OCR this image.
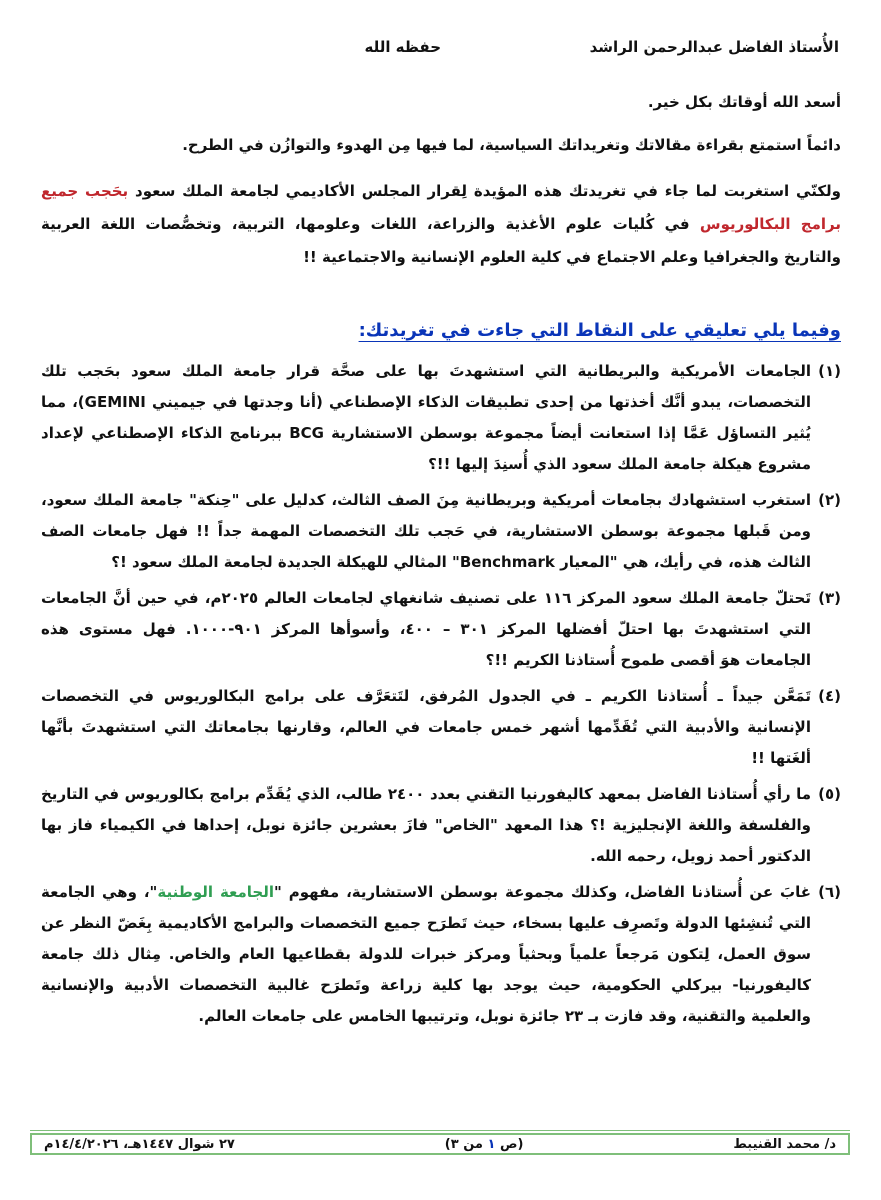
الأُستاذ الفاضل عبدالرحمن الراشد
حفظه الله
أسعد الله أوقاتك بكل خير.
دائماً استمتع بقراءة مقالاتك وتغريداتك السياسية، لما فيها مِن الهدوء والتوازُن في الطرح.
ولكنّي استغربت لما جاء في تغريدتك هذه المؤيدة لِقرار المجلس الأكاديمي لجامعة الملك سعود بحَجب جميع برامج البكالوريوس في كُليات علوم الأغذية والزراعة، اللغات وعلومها، التربية، وتخصُّصات اللغة العربية والتاريخ والجغرافيا وعلم الاجتماع في كلية العلوم الإنسانية والاجتماعية !!
وفيما يلي تعليقي على النقاط التي جاءت في تغريدتك:
(١)
الجامعات الأمريكية والبريطانية التي استشهدتَ بها على صحَّة قرار جامعة الملك سعود بحَجب تلك التخصصات، يبدو أنَّك أخذتها من إحدى تطبيقات الذكاء الإصطناعي (أنا وجدتها في جيميني GEMINI)، مما يُثير التساؤل عَمَّا إذا استعانت أيضاً مجموعة بوسطن الاستشارية BCG ببرنامج الذكاء الإصطناعي لإعداد مشروع هيكلة جامعة الملك سعود الذي أُسنِدَ إليها !!؟
(٢)
استغرب استشهادك بجامعات أمريكية وبريطانية مِنَ الصف الثالث، كدليل على "حِنكة" جامعة الملك سعود، ومن قَبلها مجموعة بوسطن الاستشارية، في حَجب تلك التخصصات المهمة جداً !! فهل جامعات الصف الثالث هذه، في رأيك، هي "المعيار Benchmark" المثالي للهيكلة الجديدة لجامعة الملك سعود !؟
(٣)
تَحتلّ جامعة الملك سعود المركز ١١٦ على تصنيف شانغهاي لجامعات العالم ٢٠٢٥م، في حين أنَّ الجامعات التي استشهدتَ بها احتلّ أفضلها المركز ٣٠١ – ٤٠٠، وأسوأها المركز ٩٠١-١٠٠٠. فهل مستوى هذه الجامعات هوَ أقصى طموح أُستاذنا الكريم !!؟
(٤)
تَمَعَّن جيداً ـ أُستاذنا الكريم ـ في الجدول المُرفق، لتَتعَرَّف على برامج البكالوريوس في التخصصات الإنسانية والأدبية التي تُقَدِّمها أشهر خمس جامعات في العالم، وقارنها بجامعاتك التي استشهدتَ بأنَّها ألغَتها !!
(٥)
ما رأي أُستاذنا الفاضل بمعهد كاليفورنيا التقني بعدد ٢٤٠٠ طالب، الذي يُقَدِّم برامج بكالوريوس في التاريخ والفلسفة واللغة الإنجليزية !؟ هذا المعهد "الخاص" فازَ بعشرين جائزة نوبل، إحداها في الكيمياء فاز بها الدكتور أحمد زويل، رحمه الله.
(٦)
غابَ عن أُستاذنا الفاضل، وكذلك مجموعة بوسطن الاستشارية، مفهوم "الجامعة الوطنية"، وهي الجامعة التي تُنشِئها الدولة وتَصرِف عليها بسخاء، حيث تَطرَح جميع التخصصات والبرامج الأكاديمية بِغَضّ النظر عن سوق العمل، لِتكون مَرجعاً علمياً وبحثياً ومركز خبرات للدولة بقطاعيها العام والخاص. مِثال ذلك جامعة كاليفورنيا- بيركلي الحكومية، حيث يوجد بها كلية زراعة وتَطرَح غالبية التخصصات الأدبية والإنسانية والعلمية والتقنية، وقد فازت بـ ٢٣ جائزة نوبل، وترتيبها الخامس على جامعات العالم.
د/ محمد القنيبط
(ص ١ من ٣)
٢٧ شوال ١٤٤٧هـ، ١٤/٤/٢٠٢٦م
